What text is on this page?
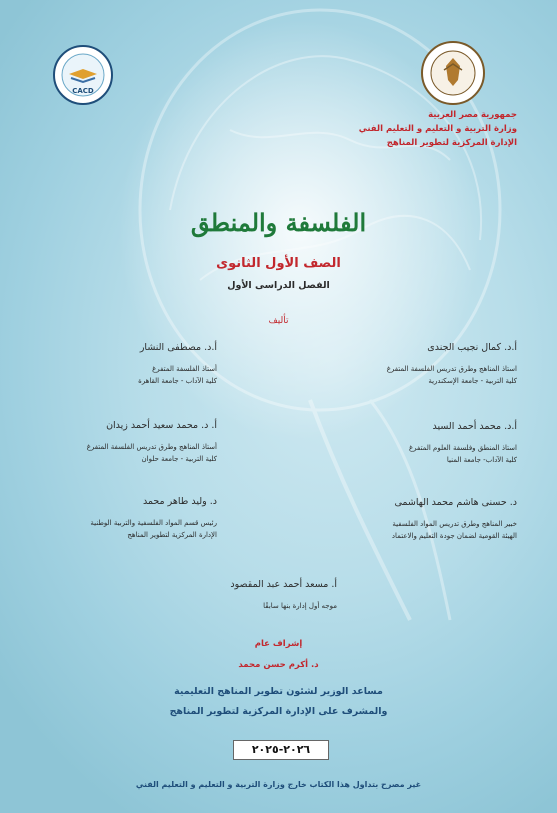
CACD
جمهورية مصر العربية
وزارة التربية و التعليم و التعليم الفني
الإدارة المركزية لتطوير المناهج
الفلسفة والمنطق
الصف الأول الثانوى
الفصل الدراسى الأول
تأليف
أ.د. كمال نجيب الجندى
استاذ المناهج وطرق تدريس الفلسفة المتفرغ
كلية التربية - جامعة الإسكندرية
أ.د. محمد أحمد السيد
استاذ المنطق وفلسفة العلوم المتفرغ
كلية الآداب- جامعة المنيا
د. حسنى هاشم محمد الهاشمى
خبير المناهج وطرق تدريس المواد الفلسفية
الهيئة القومية لضمان جودة التعليم والاعتماد
أ.د. مصطفى النشار
أستاذ الفلسفة المتفرغ
كلية الآداب - جامعة القاهرة
أ. د. محمد سعيد أحمد زيدان
أستاذ المناهج وطرق تدريس الفلسفة المتفرغ
كلية التربية - جامعة حلوان
د. وليد طاهر محمد
رئيس قسم المواد الفلسفية والتربية الوطنية
الإدارة المركزية لتطوير المناهج
أ. مسعد أحمد عبد المقصود
موجه أول إدارة بنها سابقًا
إشراف عام
د. أكرم حسن محمد
مساعد الوزير لشئون تطوير المناهج التعليمية
والمشرف على الإدارة المركزية لتطوير المناهج
٢٠٢٦-٢٠٢٥
غير مصرح بتداول هذا الكتاب خارج وزارة التربية و التعليم و التعليم الفني
